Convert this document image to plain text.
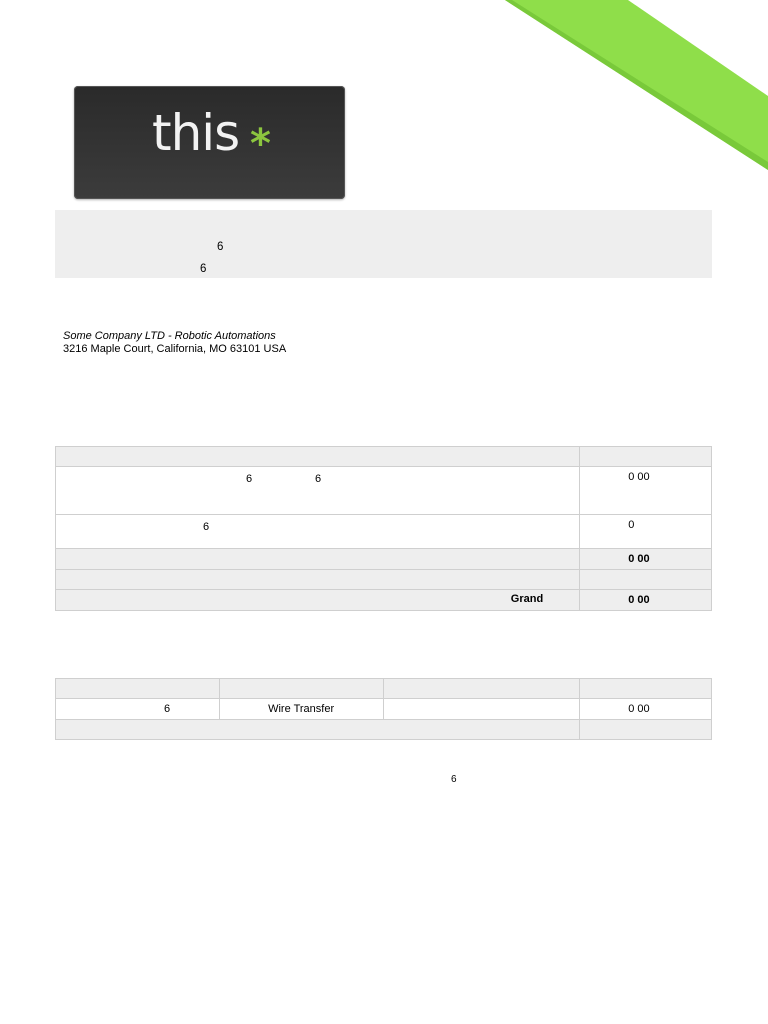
this *
6
6
Some Company LTD - Robotic Automations
3216 Maple Court, California, MO 63101 USA

6 6	0 00

6	0

	0 00

Grand	0 00

6	Wire Transfer		0 00

6
